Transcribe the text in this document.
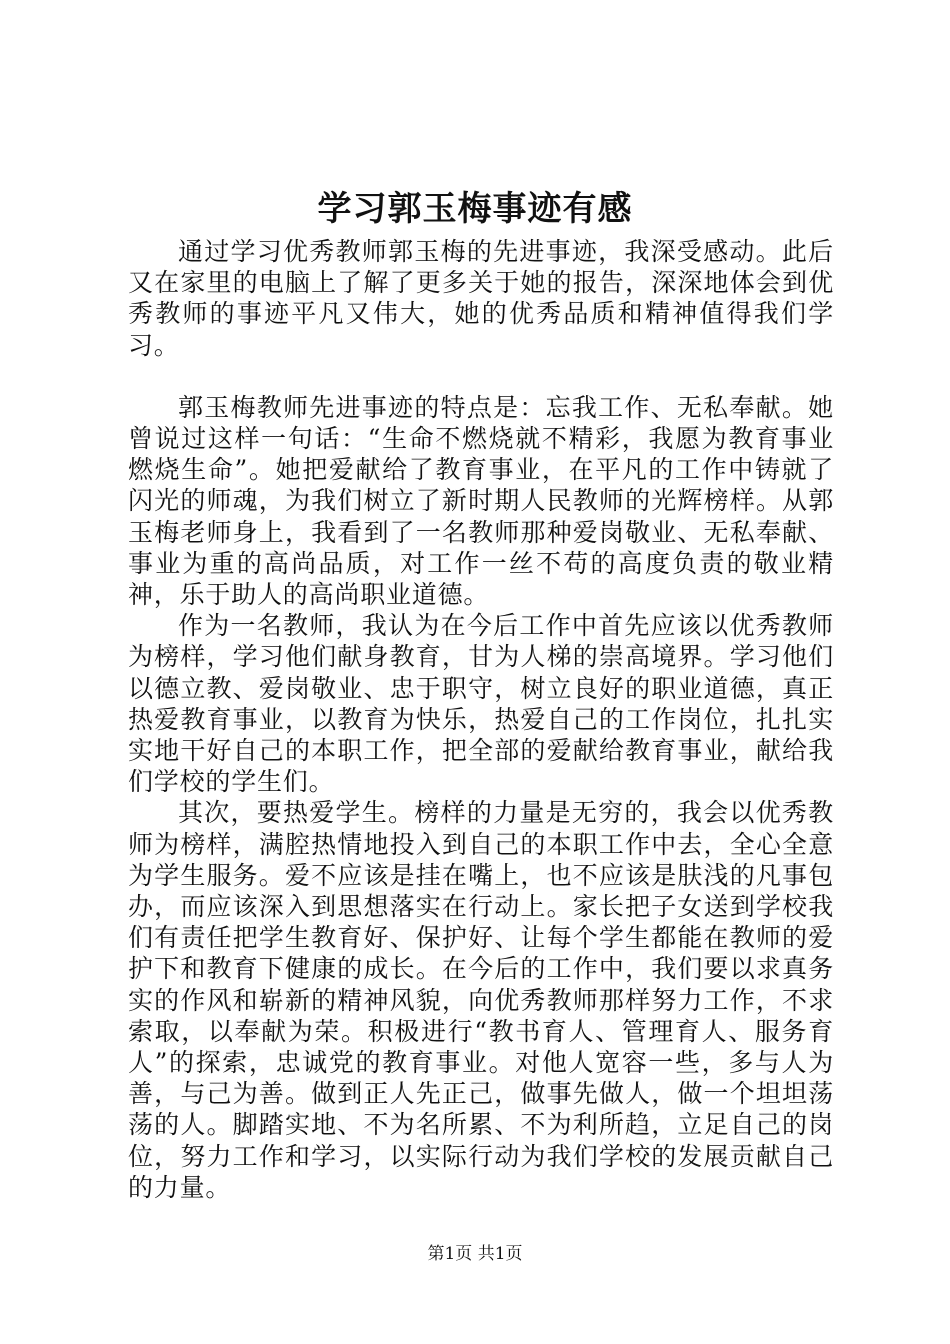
学习郭玉梅事迹有感

通过学习优秀教师郭玉梅的先进事迹，我深受感动。此后又在家里的电脑上了解了更多关于她的报告，深深地体会到优秀教师的事迹平凡又伟大，她的优秀品质和精神值得我们学习。

郭玉梅教师先进事迹的特点是：忘我工作、无私奉献。她曾说过这样一句话：“生命不燃烧就不精彩，我愿为教育事业燃烧生命”。她把爱献给了教育事业，在平凡的工作中铸就了闪光的师魂，为我们树立了新时期人民教师的光辉榜样。从郭玉梅老师身上，我看到了一名教师那种爱岗敬业、无私奉献、事业为重的高尚品质，对工作一丝不苟的高度负责的敬业精神，乐于助人的高尚职业道德。

作为一名教师，我认为在今后工作中首先应该以优秀教师为榜样，学习他们献身教育，甘为人梯的崇高境界。学习他们以德立教、爱岗敬业、忠于职守，树立良好的职业道德，真正热爱教育事业，以教育为快乐，热爱自己的工作岗位，扎扎实实地干好自己的本职工作，把全部的爱献给教育事业，献给我们学校的学生们。

其次，要热爱学生。榜样的力量是无穷的，我会以优秀教师为榜样，满腔热情地投入到自己的本职工作中去，全心全意为学生服务。爱不应该是挂在嘴上，也不应该是肤浅的凡事包办，而应该深入到思想落实在行动上。家长把子女送到学校我们有责任把学生教育好、保护好、让每个学生都能在教师的爱护下和教育下健康的成长。在今后的工作中，我们要以求真务实的作风和崭新的精神风貌，向优秀教师那样努力工作，不求索取，以奉献为荣。积极进行“教书育人、管理育人、服务育人”的探索，忠诚党的教育事业。对他人宽容一些，多与人为善，与己为善。做到正人先正己，做事先做人，做一个坦坦荡荡的人。脚踏实地、不为名所累、不为利所趋，立足自己的岗位，努力工作和学习，以实际行动为我们学校的发展贡献自己的力量。

第1页 共1页
